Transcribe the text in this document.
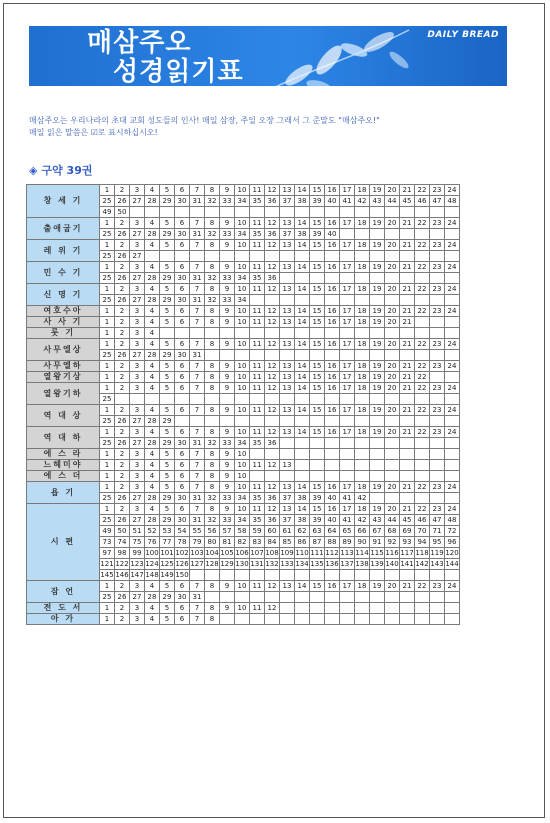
매삼주오
성경읽기표
DAILY BREAD
매삼주오는 우리나라의 초대 교회 성도들의 인사! 매일 삼장, 주일 오장 그래서 그 준말도 "매삼주오!"
매일 읽은 말씀은 ☑로 표시하십시오!
◈ 구약 39권
창 세 기	1	2	3	4	5	6	7	8	9	10	11	12	13	14	15	16	17	18	19	20	21	22	23	24
	25	26	27	28	29	30	31	32	33	34	35	36	37	38	39	40	41	42	43	44	45	46	47	48
	49	50																						
출애굽기	1	2	3	4	5	6	7	8	9	10	11	12	13	14	15	16	17	18	19	20	21	22	23	24
	25	26	27	28	29	30	31	32	33	34	35	36	37	38	39	40								
레 위 기	1	2	3	4	5	6	7	8	9	10	11	12	13	14	15	16	17	18	19	20	21	22	23	24
	25	26	27																					
민 수 기	1	2	3	4	5	6	7	8	9	10	11	12	13	14	15	16	17	18	19	20	21	22	23	24
	25	26	27	28	29	30	31	32	33	34	35	36												
신 명 기	1	2	3	4	5	6	7	8	9	10	11	12	13	14	15	16	17	18	19	20	21	22	23	24
	25	26	27	28	29	30	31	32	33	34														
여호수아	1	2	3	4	5	6	7	8	9	10	11	12	13	14	15	16	17	18	19	20	21	22	23	24
사 사 기	1	2	3	4	5	6	7	8	9	10	11	12	13	14	15	16	17	18	19	20	21			
룻 기	1	2	3	4																				
사무엘상	1	2	3	4	5	6	7	8	9	10	11	12	13	14	15	16	17	18	19	20	21	22	23	24
	25	26	27	28	29	30	31																	
사무엘하	1	2	3	4	5	6	7	8	9	10	11	12	13	14	15	16	17	18	19	20	21	22	23	24
열왕기상	1	2	3	4	5	6	7	8	9	10	11	12	13	14	15	16	17	18	19	20	21	22		
열왕기하	1	2	3	4	5	6	7	8	9	10	11	12	13	14	15	16	17	18	19	20	21	22	23	24
	25																							
역 대 상	1	2	3	4	5	6	7	8	9	10	11	12	13	14	15	16	17	18	19	20	21	22	23	24
	25	26	27	28	29																			
역 대 하	1	2	3	4	5	6	7	8	9	10	11	12	13	14	15	16	17	18	19	20	21	22	23	24
	25	26	27	28	29	30	31	32	33	34	35	36												
에 스 라	1	2	3	4	5	6	7	8	9	10														
느헤미야	1	2	3	4	5	6	7	8	9	10	11	12	13											
에 스 더	1	2	3	4	5	6	7	8	9	10														
욥 기	1	2	3	4	5	6	7	8	9	10	11	12	13	14	15	16	17	18	19	20	21	22	23	24
	25	26	27	28	29	30	31	32	33	34	35	36	37	38	39	40	41	42						
시 편	1	2	3	4	5	6	7	8	9	10	11	12	13	14	15	16	17	18	19	20	21	22	23	24
	25	26	27	28	29	30	31	32	33	34	35	36	37	38	39	40	41	42	43	44	45	46	47	48
	49	50	51	52	53	54	55	56	57	58	59	60	61	62	63	64	65	66	67	68	69	70	71	72
	73	74	75	76	77	78	79	80	81	82	83	84	85	86	87	88	89	90	91	92	93	94	95	96
	97	98	99	100	101	102	103	104	105	106	107	108	109	110	111	112	113	114	115	116	117	118	119	120
	121	122	123	124	125	126	127	128	129	130	131	132	133	134	135	136	137	138	139	140	141	142	143	144
	145	146	147	148	149	150																		
잠 언	1	2	3	4	5	6	7	8	9	10	11	12	13	14	15	16	17	18	19	20	21	22	23	24
	25	26	27	28	29	30	31																	
전 도 서	1	2	3	4	5	6	7	8	9	10	11	12												
아 가	1	2	3	4	5	6	7	8																
